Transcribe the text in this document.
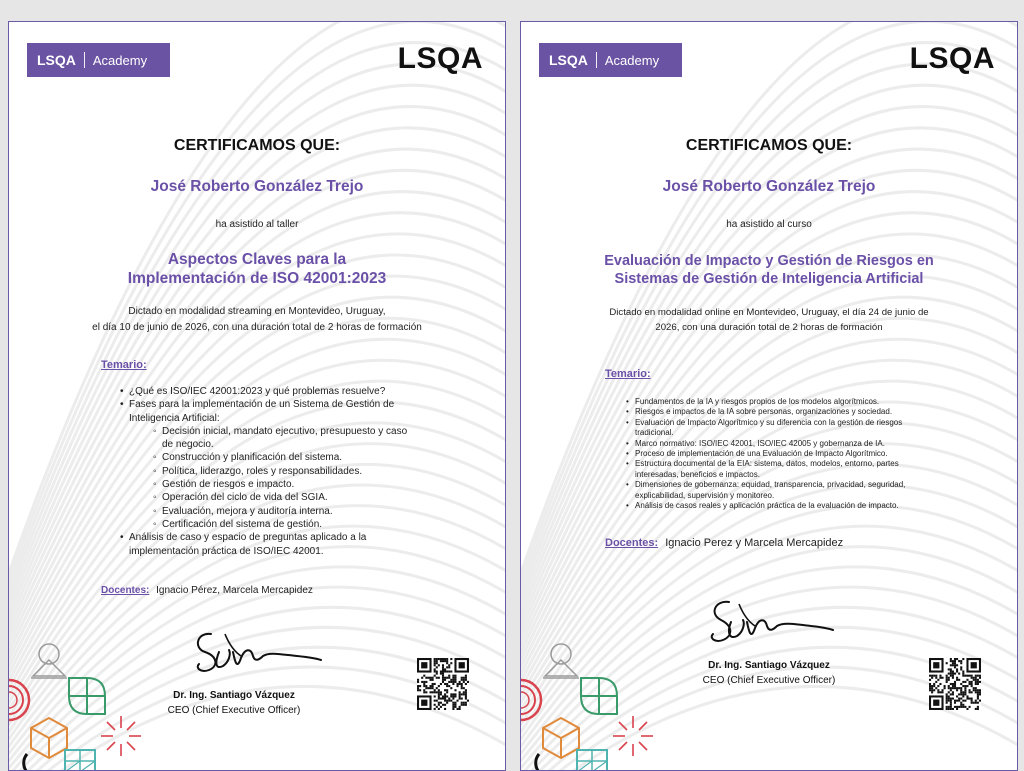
LSQA Academy	LSQA
CERTIFICAMOS QUE:
José Roberto González Trejo
ha asistido al taller
Aspectos Claves para la
Implementación de ISO 42001:2023
Dictado en modalidad streaming en Montevideo, Uruguay,
el día 10 de junio de 2026, con una duración total de 2 horas de formación
Temario:
• ¿Qué es ISO/IEC 42001:2023 y qué problemas resuelve?
• Fases para la implementación de un Sistema de Gestión de Inteligencia Artificial:
◦ Decisión inicial, mandato ejecutivo, presupuesto y caso de negocio.
◦ Construcción y planificación del sistema.
◦ Política, liderazgo, roles y responsabilidades.
◦ Gestión de riesgos e impacto.
◦ Operación del ciclo de vida del SGIA.
◦ Evaluación, mejora y auditoría interna.
◦ Certificación del sistema de gestión.
• Análisis de caso y espacio de preguntas aplicado a la implementación práctica de ISO/IEC 42001.
Docentes: Ignacio Pérez, Marcela Mercapidez
Dr. Ing. Santiago Vázquez
CEO (Chief Executive Officer)
LSQA Academy	LSQA
CERTIFICAMOS QUE:
José Roberto González Trejo
ha asistido al curso
Evaluación de Impacto y Gestión de Riesgos en
Sistemas de Gestión de Inteligencia Artificial
Dictado en modalidad online en Montevideo, Uruguay, el día 24 de junio de
2026, con una duración total de 2 horas de formación
Temario:
• Fundamentos de la IA y riesgos propios de los modelos algorítmicos.
• Riesgos e impactos de la IA sobre personas, organizaciones y sociedad.
• Evaluación de Impacto Algorítmico y su diferencia con la gestión de riesgos tradicional.
• Marco normativo: ISO/IEC 42001, ISO/IEC 42005 y gobernanza de IA.
• Proceso de implementación de una Evaluación de Impacto Algorítmico.
• Estructura documental de la EIA: sistema, datos, modelos, entorno, partes interesadas, beneficios e impactos.
• Dimensiones de gobernanza: equidad, transparencia, privacidad, seguridad, explicabilidad, supervisión y monitoreo.
• Análisis de casos reales y aplicación práctica de la evaluación de impacto.
Docentes: Ignacio Perez y Marcela Mercapidez
Dr. Ing. Santiago Vázquez
CEO (Chief Executive Officer)
